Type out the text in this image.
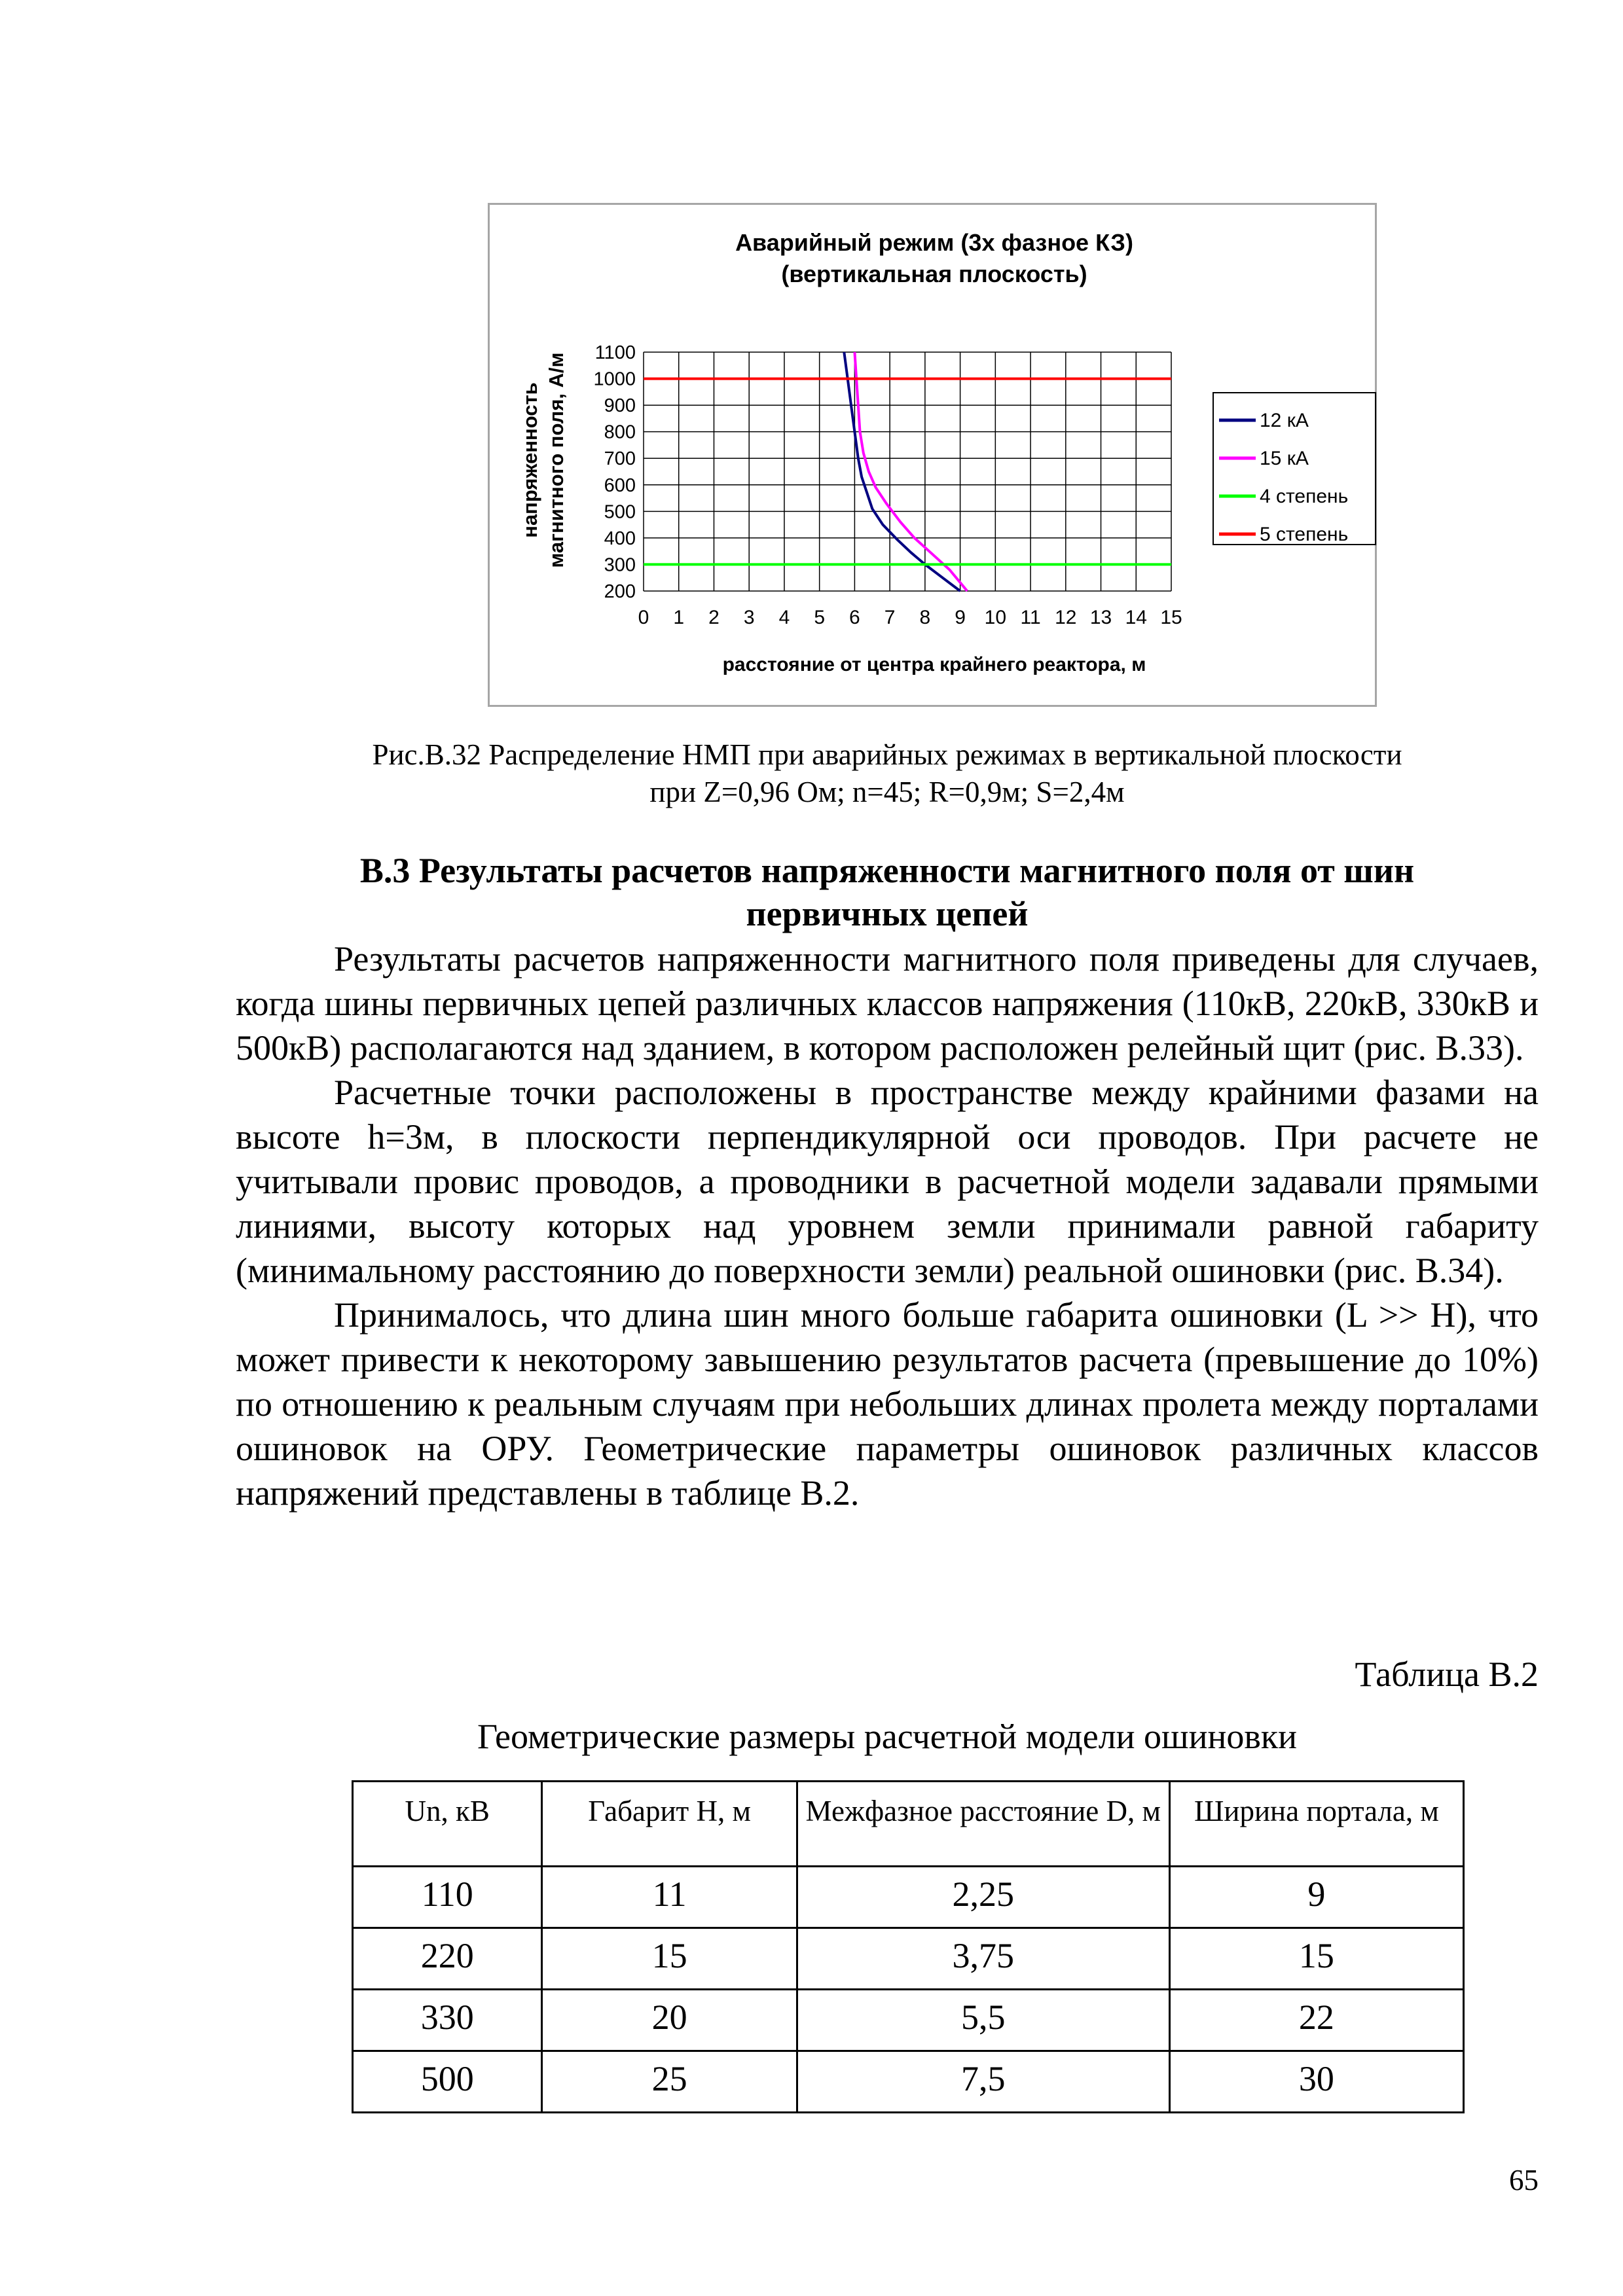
Аварийный режим (3х фазное КЗ)
(вертикальная плоскость)
1100
1000
900
800
700
600
500
400
300
200
0 1 2 3 4 5 6 7 8 9 10 11 12 13 14 15
напряженность магнитного поля, А/м
расстояние от центра крайнего реактора, м
12 кА
15 кА
4 степень
5 степень
Рис.В.32 Распределение НМП при аварийных режимах в вертикальной плоскости
при Z=0,96 Ом; n=45; R=0,9м; S=2,4м
В.3 Результаты расчетов напряженности магнитного поля от шин
первичных цепей

Результаты расчетов напряженности магнитного поля приведены для случаев, когда шины первичных цепей различных классов напряжения (110кВ, 220кВ, 330кВ и 500кВ) располагаются над зданием, в котором расположен релейный щит (рис. В.33).

Расчетные точки расположены в пространстве между крайними фазами на высоте h=3м, в плоскости перпендикулярной оси проводов. При расчете не учитывали провис проводов, а проводники в расчетной модели задавали прямыми линиями, высоту которых над уровнем земли принимали равной габариту (минимальному расстоянию до поверхности земли) реальной ошиновки (рис. В.34).

Принималось, что длина шин много больше габарита ошиновки (L >> H), что может привести к некоторому завышению результатов расчета (превышение до 10%) по отношению к реальным случаям при небольших длинах пролета между порталами ошиновок на ОРУ. Геометрические параметры ошиновок различных классов напряжений представлены в таблице В.2.

Таблица В.2
Геометрические размеры расчетной модели ошиновки
Un, кВ	Габарит H, м	Межфазное расстояние D, м	Ширина портала, м
110	11	2,25	9
220	15	3,75	15
330	20	5,5	22
500	25	7,5	30
65
